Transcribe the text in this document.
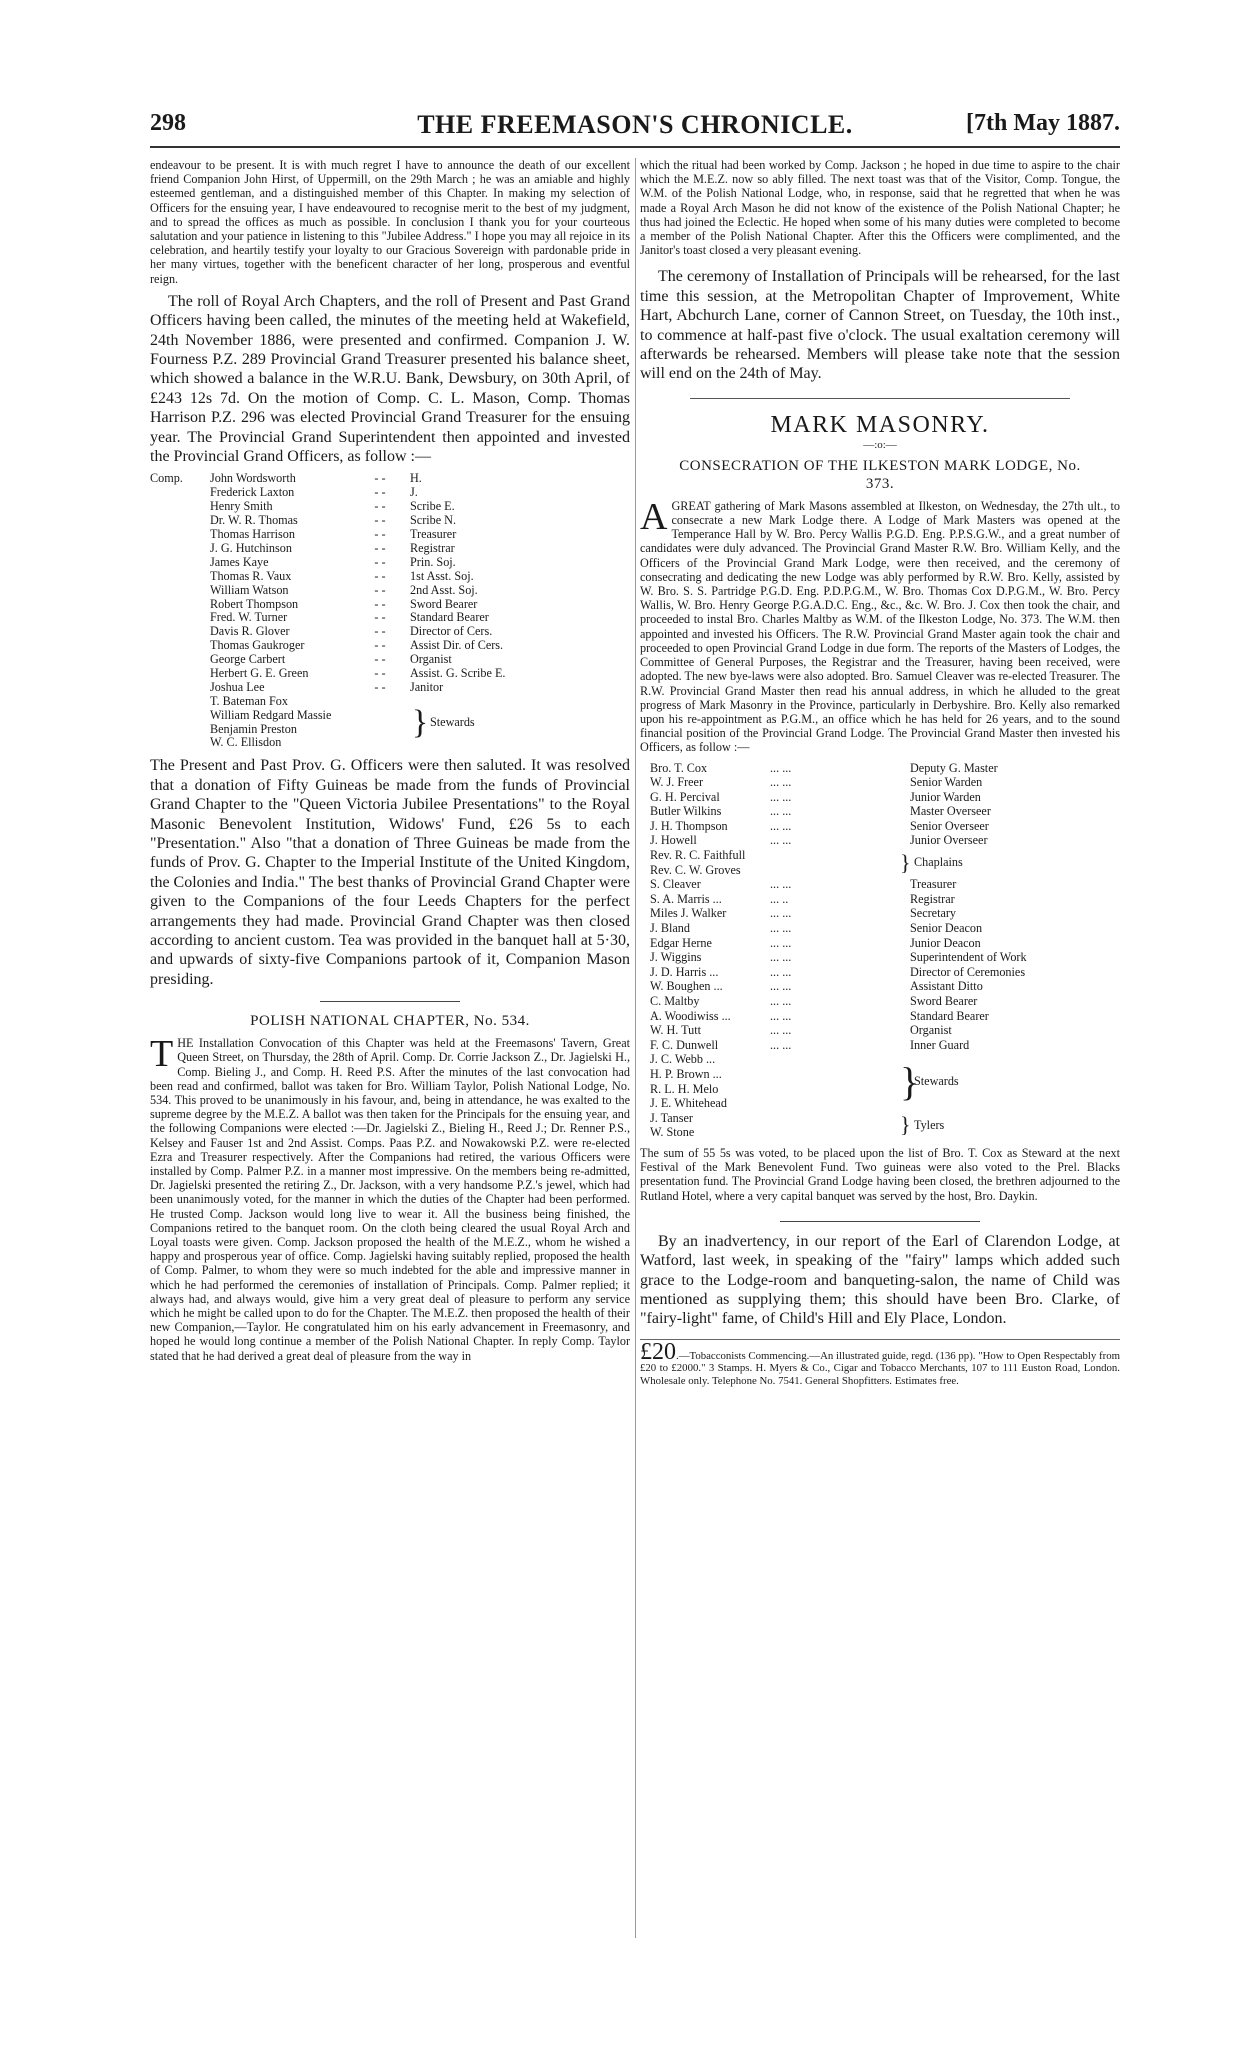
298	THE FREEMASON'S CHRONICLE.	[7th May 1887.

endeavour to be present. It is with much regret I have to announce the death of our excellent friend Companion John Hirst, of Uppermill, on the 29th March ; he was an amiable and highly esteemed gentleman, and a distinguished member of this Chapter. In making my selection of Officers for the ensuing year, I have endeavoured to recognise merit to the best of my judgment, and to spread the offices as much as possible. In conclusion I thank you for your courteous salutation and your patience in listening to this "Jubilee Address." I hope you may all rejoice in its celebration, and heartily testify your loyalty to our Gracious Sovereign with pardonable pride in her many virtues, together with the beneficent character of her long, prosperous and eventful reign.

The roll of Royal Arch Chapters, and the roll of Present and Past Grand Officers having been called, the minutes of the meeting held at Wakefield, 24th November 1886, were presented and confirmed. Companion J. W. Fourness P.Z. 289 Provincial Grand Treasurer presented his balance sheet, which showed a balance in the W.R.U. Bank, Dewsbury, on 30th April, of £243 12s 7d. On the motion of Comp. C. L. Mason, Comp. Thomas Harrison P.Z. 296 was elected Provincial Grand Treasurer for the ensuing year. The Provincial Grand Superintendent then appointed and invested the Provincial Grand Officers, as follow :—

Comp. John Wordsworth	- -	H.
Frederick Laxton	- -	J.
Henry Smith	- -	Scribe E.
Dr. W. R. Thomas	- -	Scribe N.
Thomas Harrison	- -	Treasurer
J. G. Hutchinson	- -	Registrar
James Kaye	- -	Prin. Soj.
Thomas R. Vaux	- -	1st Asst. Soj.
William Watson	- -	2nd Asst. Soj.
Robert Thompson	- -	Sword Bearer
Fred. W. Turner	- -	Standard Bearer
Davis R. Glover	- -	Director of Cers.
Thomas Gaukroger	- -	Assist Dir. of Cers.
George Carbert	- -	Organist
Herbert G. E. Green	- -	Assist. G. Scribe E.
Joshua Lee	- -	Janitor
T. Bateman Fox
William Redgard Massie
Benjamin Preston
W. C. Ellisdon
} Stewards

The Present and Past Prov. G. Officers were then saluted. It was resolved that a donation of Fifty Guineas be made from the funds of Provincial Grand Chapter to the "Queen Victoria Jubilee Presentations" to the Royal Masonic Benevolent Institution, Widows' Fund, £26 5s to each "Presentation." Also "that a donation of Three Guineas be made from the funds of Prov. G. Chapter to the Imperial Institute of the United Kingdom, the Colonies and India." The best thanks of Provincial Grand Chapter were given to the Companions of the four Leeds Chapters for the perfect arrangements they had made. Provincial Grand Chapter was then closed according to ancient custom. Tea was provided in the banquet hall at 5·30, and upwards of sixty-five Companions partook of it, Companion Mason presiding.

POLISH NATIONAL CHAPTER, No. 534.

THE Installation Convocation of this Chapter was held at the Freemasons' Tavern, Great Queen Street, on Thursday, the 28th of April. Comp. Dr. Corrie Jackson Z., Dr. Jagielski H., Comp. Bieling J., and Comp. H. Reed P.S. After the minutes of the last convocation had been read and confirmed, ballot was taken for Bro. William Taylor, Polish National Lodge, No. 534. This proved to be unanimously in his favour, and, being in attendance, he was exalted to the supreme degree by the M.E.Z. A ballot was then taken for the Principals for the ensuing year, and the following Companions were elected :—Dr. Jagielski Z., Bieling H., Reed J.; Dr. Renner P.S., Kelsey and Fauser 1st and 2nd Assist. Comps. Paas P.Z. and Nowakowski P.Z. were re-elected Ezra and Treasurer respectively. After the Companions had retired, the various Officers were installed by Comp. Palmer P.Z. in a manner most impressive. On the members being re-admitted, Dr. Jagielski presented the retiring Z., Dr. Jackson, with a very handsome P.Z.'s jewel, which had been unanimously voted, for the manner in which the duties of the Chapter had been performed. He trusted Comp. Jackson would long live to wear it. All the business being finished, the Companions retired to the banquet room. On the cloth being cleared the usual Royal Arch and Loyal toasts were given. Comp. Jackson proposed the health of the M.E.Z., whom he wished a happy and prosperous year of office. Comp. Jagielski having suitably replied, proposed the health of Comp. Palmer, to whom they were so much indebted for the able and impressive manner in which he had performed the ceremonies of installation of Principals. Comp. Palmer replied; it always had, and always would, give him a very great deal of pleasure to perform any service which he might be called upon to do for the Chapter. The M.E.Z. then proposed the health of their new Companion,—Taylor. He congratulated him on his early advancement in Freemasonry, and hoped he would long continue a member of the Polish National Chapter. In reply Comp. Taylor stated that he had derived a great deal of pleasure from the way in

which the ritual had been worked by Comp. Jackson ; he hoped in due time to aspire to the chair which the M.E.Z. now so ably filled. The next toast was that of the Visitor, Comp. Tongue, the W.M. of the Polish National Lodge, who, in response, said that he regretted that when he was made a Royal Arch Mason he did not know of the existence of the Polish National Chapter; he thus had joined the Eclectic. He hoped when some of his many duties were completed to become a member of the Polish National Chapter. After this the Officers were complimented, and the Janitor's toast closed a very pleasant evening.

The ceremony of Installation of Principals will be rehearsed, for the last time this session, at the Metropolitan Chapter of Improvement, White Hart, Abchurch Lane, corner of Cannon Street, on Tuesday, the 10th inst., to commence at half-past five o'clock. The usual exaltation ceremony will afterwards be rehearsed. Members will please take note that the session will end on the 24th of May.

MARK MASONRY.
—:o:—
CONSECRATION OF THE ILKESTON MARK LODGE, No. 373.

AGREAT gathering of Mark Masons assembled at Ilkeston, on Wednesday, the 27th ult., to consecrate a new Mark Lodge there. A Lodge of Mark Masters was opened at the Temperance Hall by W. Bro. Percy Wallis P.G.D. Eng. P.P.S.G.W., and a great number of candidates were duly advanced. The Provincial Grand Master R.W. Bro. William Kelly, and the Officers of the Provincial Grand Mark Lodge, were then received, and the ceremony of consecrating and dedicating the new Lodge was ably performed by R.W. Bro. Kelly, assisted by W. Bro. S. S. Partridge P.G.D. Eng. P.D.P.G.M., W. Bro. Thomas Cox D.P.G.M., W. Bro. Percy Wallis, W. Bro. Henry George P.G.A.D.C. Eng., &c., &c. W. Bro. J. Cox then took the chair, and proceeded to instal Bro. Charles Maltby as W.M. of the Ilkeston Lodge, No. 373. The W.M. then appointed and invested his Officers. The R.W. Provincial Grand Master again took the chair and proceeded to open Provincial Grand Lodge in due form. The reports of the Masters of Lodges, the Committee of General Purposes, the Registrar and the Treasurer, having been received, were adopted. The new bye-laws were also adopted. Bro. Samuel Cleaver was re-elected Treasurer. The R.W. Provincial Grand Master then read his annual address, in which he alluded to the great progress of Mark Masonry in the Province, particularly in Derbyshire. Bro. Kelly also remarked upon his re-appointment as P.G.M., an office which he has held for 26 years, and to the sound financial position of the Provincial Grand Lodge. The Provincial Grand Master then invested his Officers, as follow :—

Bro. T. Cox	... ...	Deputy G. Master
W. J. Freer	... ...	Senior Warden
G. H. Percival	... ...	Junior Warden
Butler Wilkins	... ...	Master Overseer
J. H. Thompson	... ...	Senior Overseer
J. Howell	... ...	Junior Overseer
Rev. R. C. Faithfull
Rev. C. W. Groves	} Chaplains
S. Cleaver	... ...	Treasurer
S. A. Marris ...	... ..	Registrar
Miles J. Walker	... ...	Secretary
J. Bland	... ...	Senior Deacon
Edgar Herne	... ...	Junior Deacon
J. Wiggins	... ...	Superintendent of Work
J. D. Harris ...	... ...	Director of Ceremonies
W. Boughen ...	... ...	Assistant Ditto
C. Maltby	... ...	Sword Bearer
A. Woodiwiss ...	... ...	Standard Bearer
W. H. Tutt	... ...	Organist
F. C. Dunwell	... ...	Inner Guard
J. C. Webb ...
H. P. Brown ...
R. L. H. Melo
J. E. Whitehead	}
Stewards
J. Tanser
W. Stone	} Tylers

The sum of 55 5s was voted, to be placed upon the list of Bro. T. Cox as Steward at the next Festival of the Mark Benevolent Fund. Two guineas were also voted to the Prel. Blacks presentation fund. The Provincial Grand Lodge having been closed, the brethren adjourned to the Rutland Hotel, where a very capital banquet was served by the host, Bro. Daykin.

By an inadvertency, in our report of the Earl of Clarendon Lodge, at Watford, last week, in speaking of the "fairy" lamps which added such grace to the Lodge-room and banqueting-salon, the name of Child was mentioned as supplying them; this should have been Bro. Clarke, of "fairy-light" fame, of Child's Hill and Ely Place, London.

£20.—Tobacconists Commencing.—An illustrated guide, regd. (136 pp). "How to Open Respectably from £20 to £2000." 3 Stamps. H. Myers & Co., Cigar and Tobacco Merchants, 107 to 111 Euston Road, London. Wholesale only. Telephone No. 7541. General Shopfitters. Estimates free.
